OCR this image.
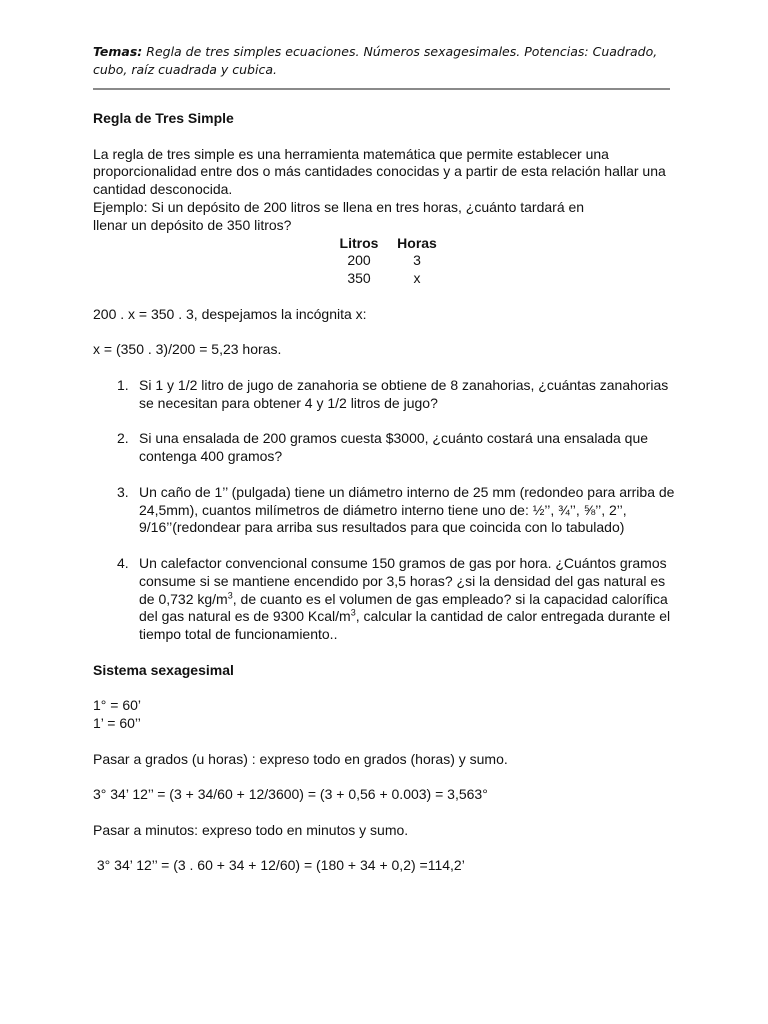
Temas: Regla de tres simples ecuaciones. Números sexagesimales. Potencias: Cuadrado, cubo, raíz cuadrada y cubica.

Regla de Tres Simple

La regla de tres simple es una herramienta matemática que permite establecer una proporcionalidad entre dos o más cantidades conocidas y a partir de esta relación hallar una cantidad desconocida.

Ejemplo: Si un depósito de 200 litros se llena en tres horas, ¿cuánto tardará en

llenar un depósito de 350 litros?

Litros	Horas
200	3
350	x

200 . x = 350 . 3, despejamos la incógnita x:

x = (350 . 3)/200 = 5,23 horas.

1. Si 1 y 1/2 litro de jugo de zanahoria se obtiene de 8 zanahorias, ¿cuántas zanahorias se necesitan para obtener 4 y 1/2 litros de jugo?
2. Si una ensalada de 200 gramos cuesta $3000, ¿cuánto costará una ensalada que contenga 400 gramos?
3. Un caño de 1’’ (pulgada) tiene un diámetro interno de 25 mm (redondeo para arriba de 24,5mm), cuantos milímetros de diámetro interno tiene uno de: ½’’, ¾’’, ⅝’’, 2’’, 9/16’’(redondear para arriba sus resultados para que coincida con lo tabulado)
4. Un calefactor convencional consume 150 gramos de gas por hora. ¿Cuántos gramos consume si se mantiene encendido por 3,5 horas? ¿si la densidad del gas natural es de 0,732 $kg/m^3$, de cuanto es el volumen de gas empleado? si la capacidad calorífica del gas natural es de 9300 Kcal/$m^3$, calcular la cantidad de calor entregada durante el tiempo total de funcionamiento..

Sistema sexagesimal

1° = 60’

1’ = 60’’

Pasar a grados (u horas) : expreso todo en grados (horas) y sumo.

3° 34’ 12’’ = (3 + 34/60 + 12/3600) = (3 + 0,56 + 0.003) = 3,563°

Pasar a minutos: expreso todo en minutos y sumo.

3° 34’ 12’’ = (3 . 60 + 34 + 12/60) = (180 + 34 + 0,2) =114,2’
